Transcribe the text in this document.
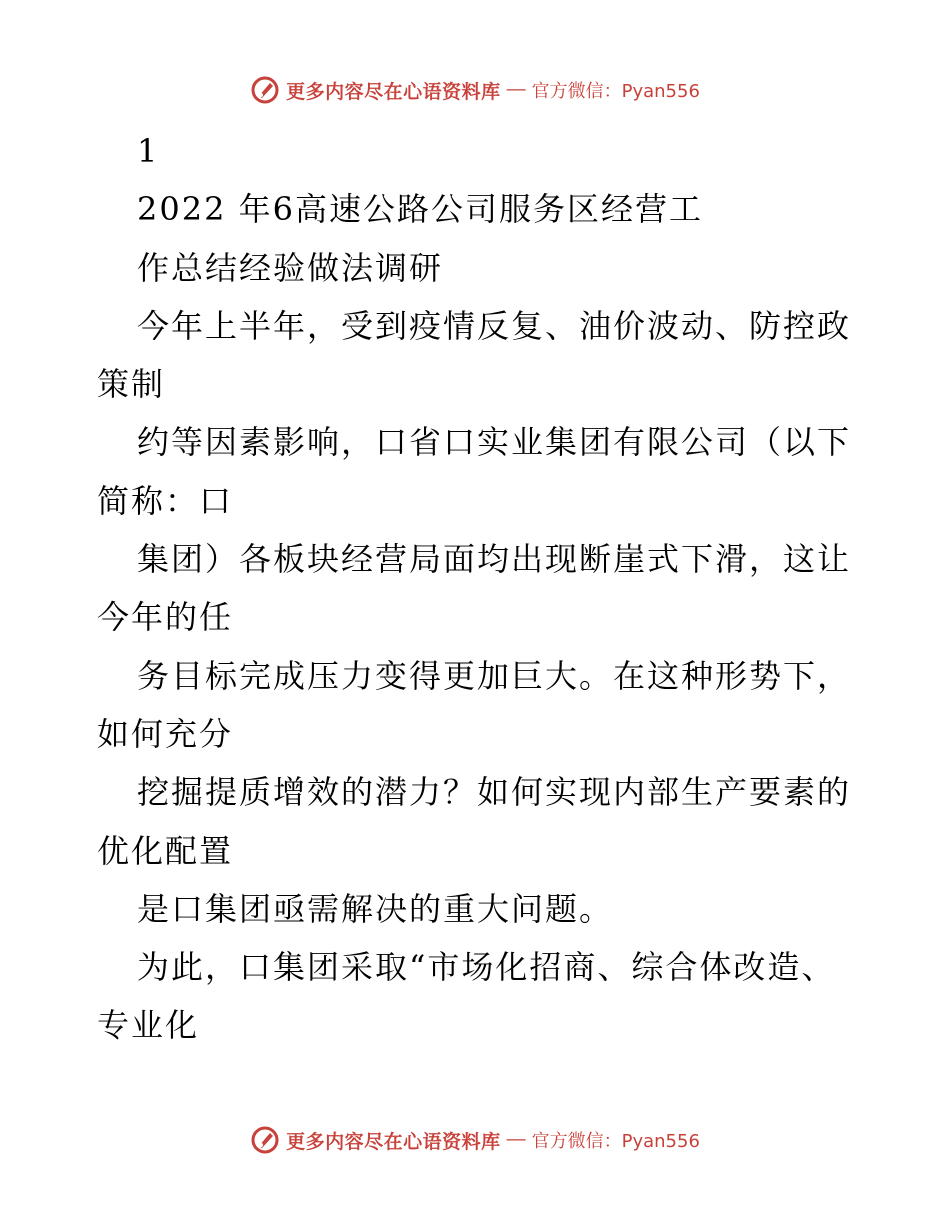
更多内容尽在心语资料库 — 官方微信：Pyan556
1
2022 年6高速公路公司服务区经营工
作总结经验做法调研
今年上半年，受到疫情反复、油价波动、防控政
策制
约等因素影响，口省口实业集团有限公司（以下
简称：口
集团）各板块经营局面均出现断崖式下滑，这让
今年的任
务目标完成压力变得更加巨大。在这种形势下，
如何充分
挖掘提质增效的潜力？如何实现内部生产要素的
优化配置
是口集团亟需解决的重大问题。
为此，口集团采取“市场化招商、综合体改造、
专业化
更多内容尽在心语资料库 — 官方微信：Pyan556
